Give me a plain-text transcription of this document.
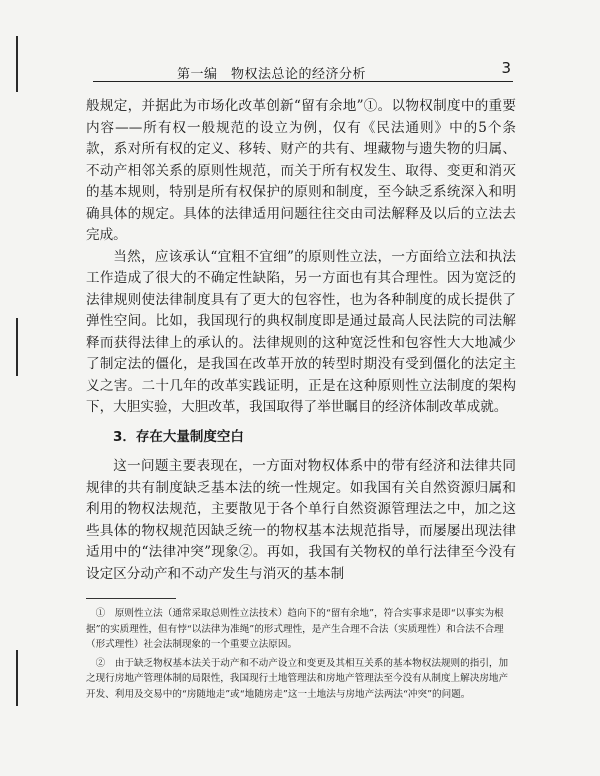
第一编　物权法总论的经济分析	3

般规定，并据此为市场化改革创新“留有余地”①。以物权制度中的重要内容——所有权一般规范的设立为例，仅有《民法通则》中的5个条款，系对所有权的定义、移转、财产的共有、埋藏物与遗失物的归属、不动产相邻关系的原则性规范，而关于所有权发生、取得、变更和消灭的基本规则，特别是所有权保护的原则和制度，至今缺乏系统深入和明确具体的规定。具体的法律适用问题往往交由司法解释及以后的立法去完成。

当然，应该承认“宜粗不宜细”的原则性立法，一方面给立法和执法工作造成了很大的不确定性缺陷，另一方面也有其合理性。因为宽泛的法律规则使法律制度具有了更大的包容性，也为各种制度的成长提供了弹性空间。比如，我国现行的典权制度即是通过最高人民法院的司法解释而获得法律上的承认的。法律规则的这种宽泛性和包容性大大地减少了制定法的僵化，是我国在改革开放的转型时期没有受到僵化的法定主义之害。二十几年的改革实践证明，正是在这种原则性立法制度的架构下，大胆实验，大胆改革，我国取得了举世瞩目的经济体制改革成就。

3．存在大量制度空白

这一问题主要表现在，一方面对物权体系中的带有经济和法律共同规律的共有制度缺乏基本法的统一性规定。如我国有关自然资源归属和利用的物权法规范，主要散见于各个单行自然资源管理法之中，加之这些具体的物权规范因缺乏统一的物权基本法规范指导，而屡屡出现法律适用中的“法律冲突”现象②。再如，我国有关物权的单行法律至今没有设定区分动产和不动产发生与消灭的基本制

①　原则性立法（通常采取总则性立法技术）趋向下的“留有余地”，符合实事求是即“以事实为根据”的实质理性，但有悖“以法律为准绳”的形式理性，是产生合理不合法（实质理性）和合法不合理（形式理性）社会法制现象的一个重要立法原因。

②　由于缺乏物权基本法关于动产和不动产设立和变更及其相互关系的基本物权法规则的指引，加之现行房地产管理体制的局限性，我国现行土地管理法和房地产管理法至今没有从制度上解决房地产开发、利用及交易中的“房随地走”或“地随房走”这一土地法与房地产法两法“冲突”的问题。
